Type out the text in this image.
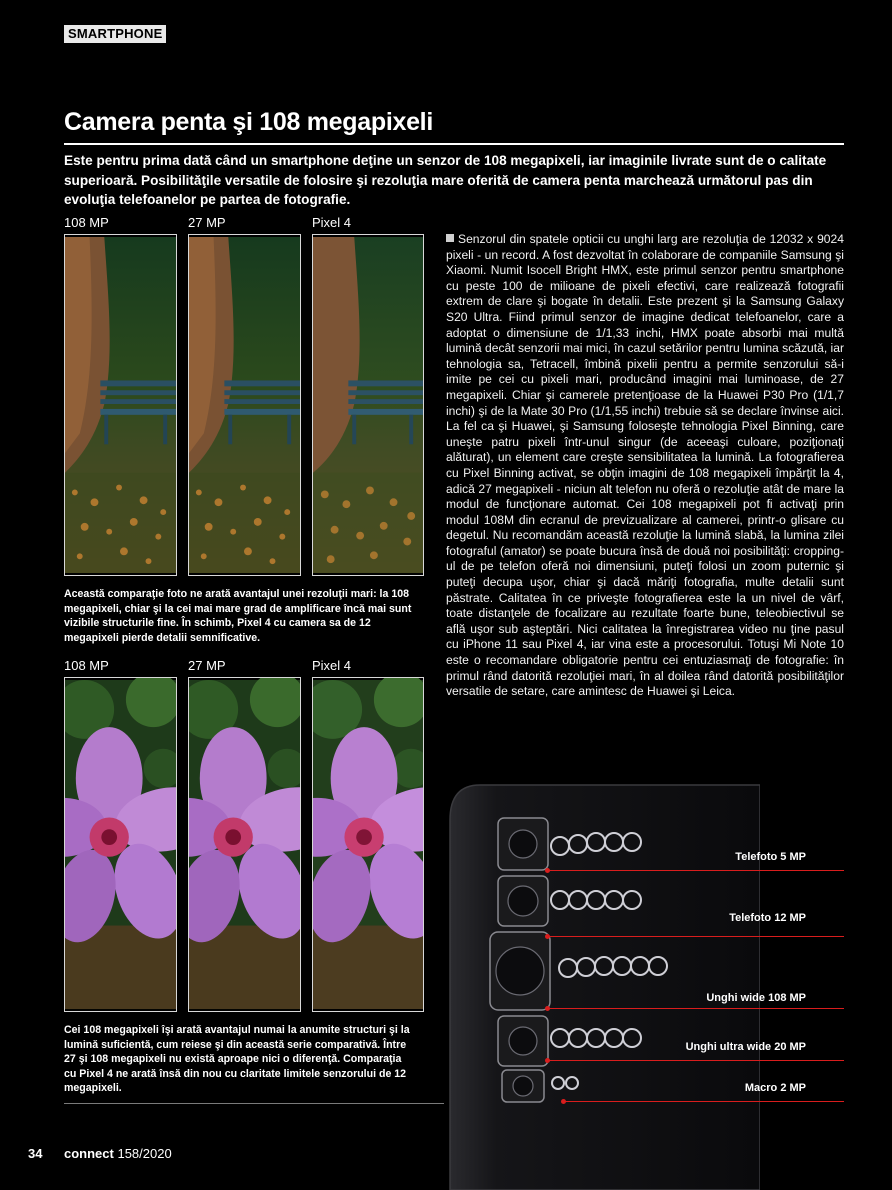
SMARTPHONE
Camera penta şi 108 megapixeli
Este pentru prima dată când un smartphone deţine un senzor de 108 megapixeli, iar imaginile livrate sunt de o calitate superioară. Posibilităţile versatile de folosire şi rezoluţia mare oferită de camera penta marchează următorul pas din evoluţia telefoanelor pe partea de fotografie.
108 MP	27 MP	Pixel 4
Această comparaţie foto ne arată avantajul unei rezoluţii mari: la 108 megapixeli, chiar şi la cei mai mare grad de amplificare încă mai sunt vizibile structurile fine. În schimb, Pixel 4 cu camera sa de 12 megapixeli pierde detalii semnificative.
108 MP	27 MP	Pixel 4
Cei 108 megapixeli îşi arată avantajul numai la anumite structuri şi la lumină suficientă, cum reiese şi din această serie comparativă. Între 27 şi 108 megapixeli nu există aproape nici o diferenţă. Comparaţia cu Pixel 4 ne arată însă din nou cu claritate limitele senzorului de 12 megapixeli.
Senzorul din spatele opticii cu unghi larg are rezoluţia de 12032 x 9024 pixeli - un record. A fost dezvoltat în colaborare de companiile Samsung şi Xiaomi. Numit Isocell Bright HMX, este primul senzor pentru smartphone cu peste 100 de milioane de pixeli efectivi, care realizează fotografii extrem de clare şi bogate în detalii. Este prezent şi la Samsung Galaxy S20 Ultra. Fiind primul senzor de imagine dedicat telefoanelor, care a adoptat o dimensiune de 1/1,33 inchi, HMX poate absorbi mai multă lumină decât senzorii mai mici, în cazul setărilor pentru lumina scăzută, iar tehnologia sa, Tetracell, îmbină pixelii pentru a permite senzorului să-i imite pe cei cu pixeli mari, producând imagini mai luminoase, de 27 megapixeli. Chiar şi camerele pretenţioase de la Huawei P30 Pro (1/1,7 inchi) şi de la Mate 30 Pro (1/1,55 inchi) trebuie să se declare învinse aici. La fel ca şi Huawei, şi Samsung foloseşte tehnologia Pixel Binning, care uneşte patru pixeli într-unul singur (de aceeaşi culoare, poziţionaţi alăturat), un element care creşte sensibilitatea la lumină. La fotografierea cu Pixel Binning activat, se obţin imagini de 108 megapixeli împărţit la 4, adică 27 megapixeli - niciun alt telefon nu oferă o rezoluţie atât de mare la modul de funcţionare automat. Cei 108 megapixeli pot fi activaţi prin modul 108M din ecranul de previzualizare al camerei, printr-o glisare cu degetul. Nu recomandăm această rezoluţie la lumină slabă, la lumina zilei fotograful (amator) se poate bucura însă de două noi posibilităţi: cropping-ul de pe telefon oferă noi dimensiuni, puteţi folosi un zoom puternic şi puteţi decupa uşor, chiar şi dacă măriţi fotografia, multe detalii sunt păstrate. Calitatea în ce priveşte fotografierea este la un nivel de vârf, toate distanţele de focalizare au rezultate foarte bune, teleobiectivul se află uşor sub aşteptări. Nici calitatea la înregistrarea video nu ţine pasul cu iPhone 11 sau Pixel 4, iar vina este a procesorului. Totuşi Mi Note 10 este o recomandare obligatorie pentru cei entuziasmaţi de fotografie: în primul rând datorită rezoluţiei mari, în al doilea rând datorită posibilităţilor versatile de setare, care amintesc de Huawei şi Leica.
Telefoto 5 MP
Telefoto 12 MP
Unghi wide 108 MP
Unghi ultra wide 20 MP
Macro 2 MP
34 connect 158/2020
